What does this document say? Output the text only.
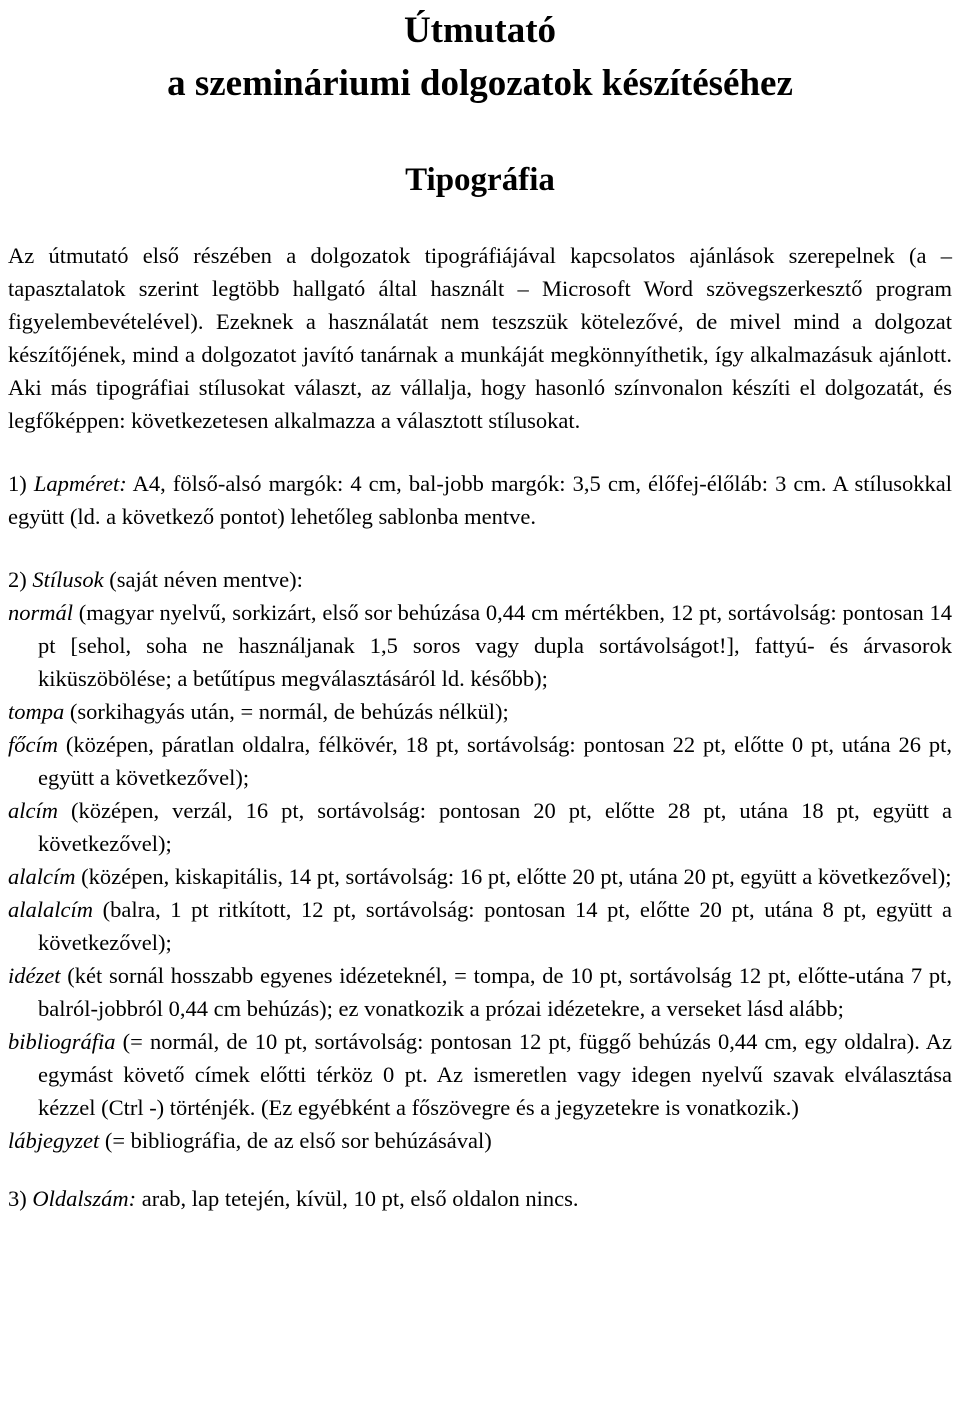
Útmutató
a szemináriumi dolgozatok készítéséhez
Tipográfia

Az útmutató első részében a dolgozatok tipográfiájával kapcsolatos ajánlások szerepelnek (a – tapasztalatok szerint legtöbb hallgató által használt – Microsoft Word szövegszerkesztő program figyelembevételével). Ezeknek a használatát nem teszszük kötelezővé, de mivel mind a dolgozat készítőjének, mind a dolgozatot javító tanárnak a munkáját megkönnyíthetik, így alkalmazásuk ajánlott. Aki más tipográfiai stílusokat választ, az vállalja, hogy hasonló színvonalon készíti el dolgozatát, és legfőképpen: következetesen alkalmazza a választott stílusokat.

1) Lapméret: A4, fölső-alsó margók: 4 cm, bal-jobb margók: 3,5 cm, élőfej-élőláb: 3 cm. A stílusokkal együtt (ld. a következő pontot) lehetőleg sablonba mentve.

2) Stílusok (saját néven mentve):

normál (magyar nyelvű, sorkizárt, első sor behúzása 0,44 cm mértékben, 12 pt, sortávolság: pontosan 14 pt [sehol, soha ne használjanak 1,5 soros vagy dupla sortávolságot!], fattyú- és árvasorok kiküszöbölése; a betűtípus megválasztásáról ld. később);

tompa (sorkihagyás után, = normál, de behúzás nélkül);

főcím (középen, páratlan oldalra, félkövér, 18 pt, sortávolság: pontosan 22 pt, előtte 0 pt, utána 26 pt, együtt a következővel);

alcím (középen, verzál, 16 pt, sortávolság: pontosan 20 pt, előtte 28 pt, utána 18 pt, együtt a következővel);

alalcím (középen, kiskapitális, 14 pt, sortávolság: 16 pt, előtte 20 pt, utána 20 pt, együtt a következővel);

alalalcím (balra, 1 pt ritkított, 12 pt, sortávolság: pontosan 14 pt, előtte 20 pt, utána 8 pt, együtt a következővel);

idézet (két sornál hosszabb egyenes idézeteknél, = tompa, de 10 pt, sortávolság 12 pt, előtte-utána 7 pt, balról-jobbról 0,44 cm behúzás); ez vonatkozik a prózai idézetekre, a verseket lásd alább;

bibliográfia (= normál, de 10 pt, sortávolság: pontosan 12 pt, függő behúzás 0,44 cm, egy oldalra). Az egymást követő címek előtti térköz 0 pt. Az ismeretlen vagy idegen nyelvű szavak elválasztása kézzel (Ctrl -) történjék. (Ez egyébként a főszövegre és a jegyzetekre is vonatkozik.)

lábjegyzet (= bibliográfia, de az első sor behúzásával)

3) Oldalszám: arab, lap tetején, kívül, 10 pt, első oldalon nincs.
